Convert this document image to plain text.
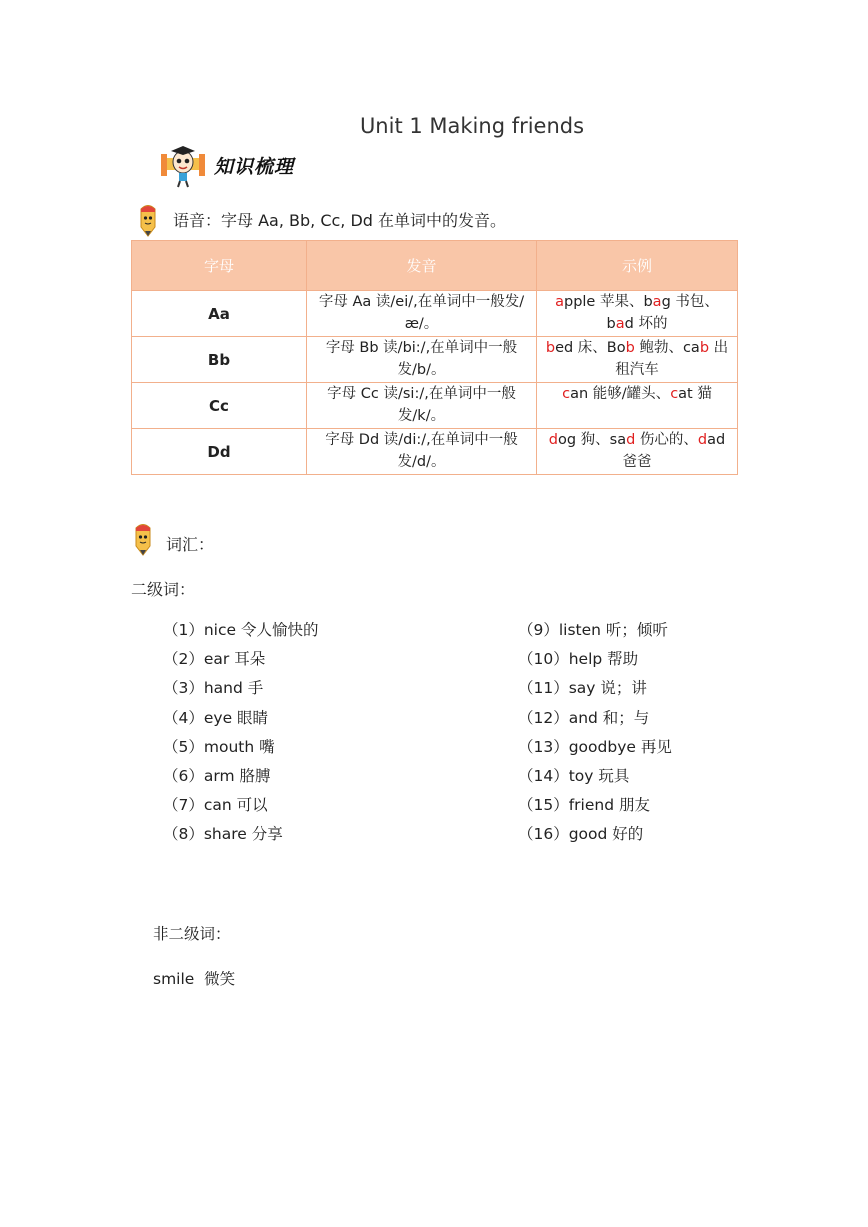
Unit 1 Making friends
知识梳理
语音：字母 Aa, Bb, Cc, Dd 在单词中的发音。
字母	发音	示例
Aa	字母 Aa 读/ei/,在单词中一般发/æ/。	apple 苹果、bag 书包、bad 坏的
Bb	字母 Bb 读/bi:/,在单词中一般发/b/。	bed 床、Bob 鲍勃、cab 出租汽车
Cc	字母 Cc 读/si:/,在单词中一般发/k/。	can 能够/罐头、cat 猫
Dd	字母 Dd 读/di:/,在单词中一般发/d/。	dog 狗、sad 伤心的、dad 爸爸
词汇：
二级词：
（1）nice 令人愉快的
（2）ear 耳朵
（3）hand 手
（4）eye 眼睛
（5）mouth 嘴
（6）arm 胳膊
（7）can 可以
（8）share 分享
（9）listen 听；倾听
（10）help 帮助
（11）say 说；讲
（12）and 和；与
（13）goodbye 再见
（14）toy 玩具
（15）friend 朋友
（16）good 好的
非二级词：
smile  微笑
